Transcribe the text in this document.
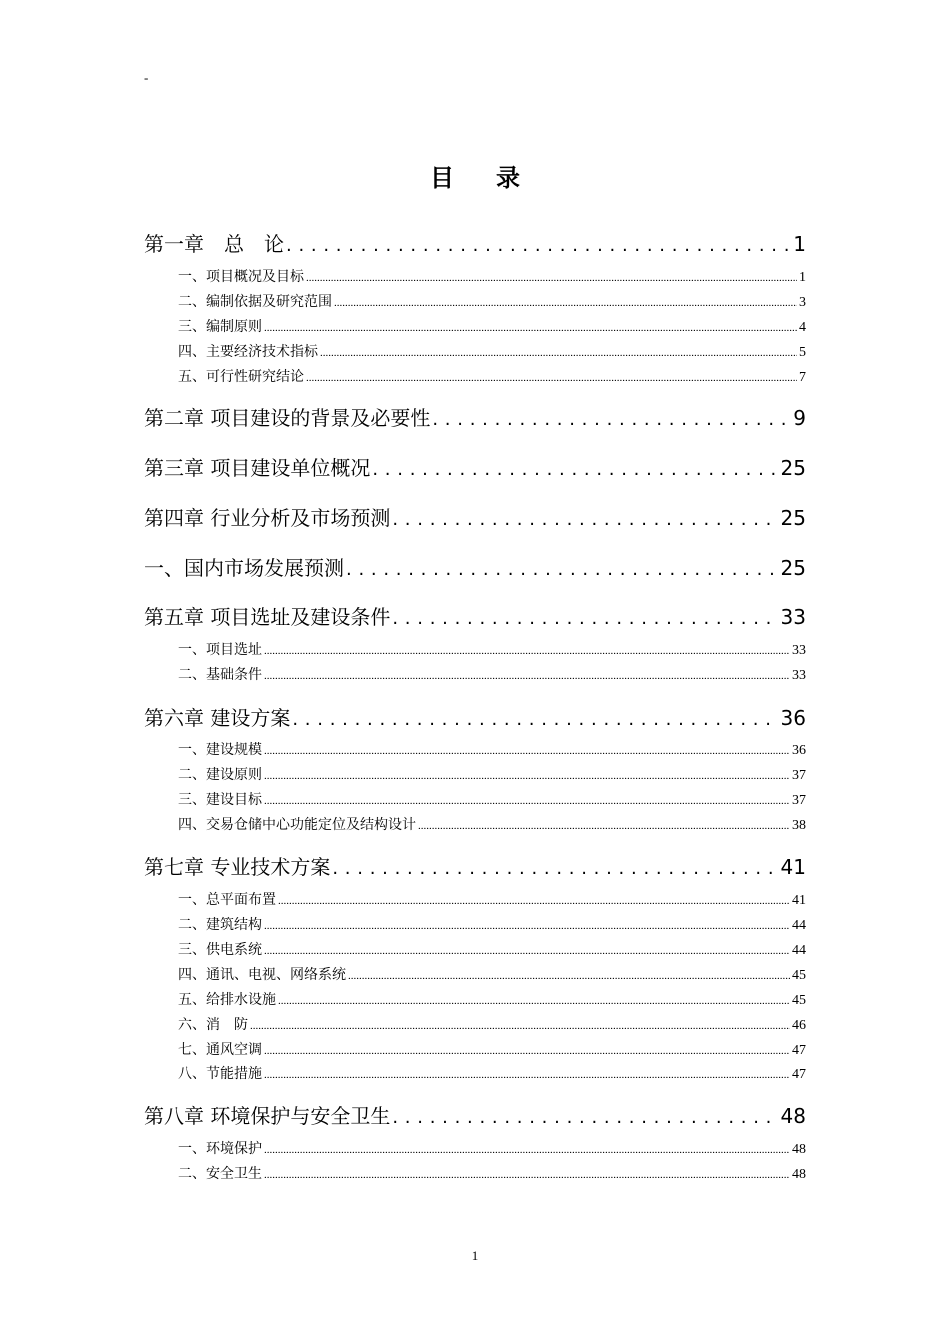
-
目 录
第一章　总　论 . . .	1
一、项目概况及目标 .....	1
二、编制依据及研究范围 .....	3
三、编制原则 .....	4
四、主要经济技术指标 .....	5
五、可行性研究结论 .....	7
第二章 项目建设的背景及必要性 . . .	9
第三章 项目建设单位概况 . . .	25
第四章 行业分析及市场预测 . . .	25
一、国内市场发展预测 . . .	25
第五章 项目选址及建设条件 . . .	33
一、项目选址 .....	33
二、基础条件 .....	33
第六章 建设方案 . . .	36
一、建设规模 .....	36
二、建设原则 .....	37
三、建设目标 .....	37
四、交易仓储中心功能定位及结构设计 .....	38
第七章 专业技术方案 . . .	41
一、总平面布置 .....	41
二、建筑结构 .....	44
三、供电系统 .....	44
四、通讯、电视、网络系统 .....	45
五、给排水设施 .....	45
六、消　防 .....	46
七、通风空调 .....	47
八、节能措施 .....	47
第八章 环境保护与安全卫生 . . .	48
一、环境保护 .....	48
二、安全卫生 .....	48
1
